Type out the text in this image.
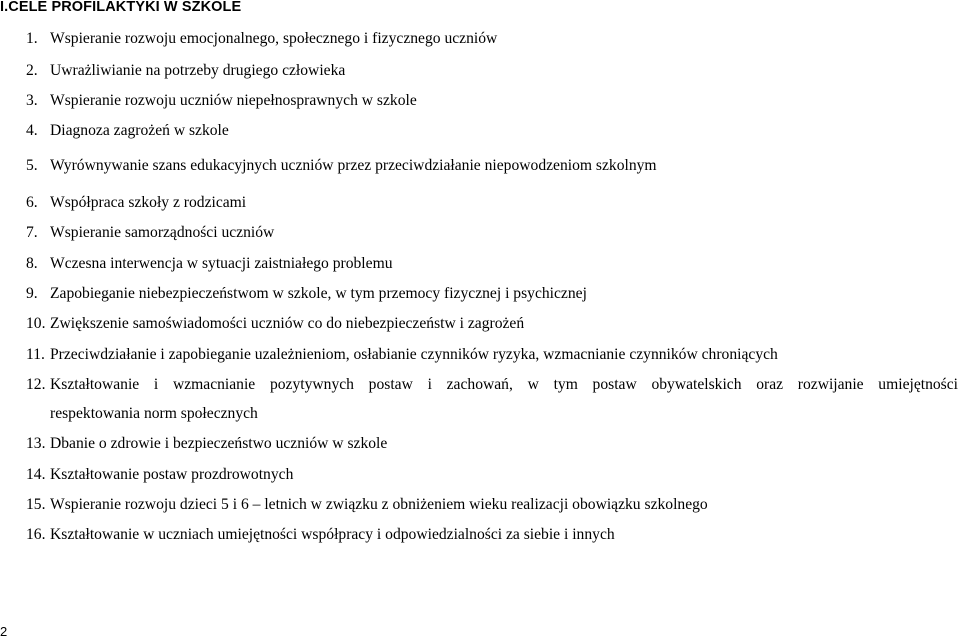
I.CELE PROFILAKTYKI W SZKOLE
1. Wspieranie rozwoju emocjonalnego, społecznego i fizycznego uczniów
2. Uwrażliwianie na potrzeby drugiego człowieka
3. Wspieranie rozwoju uczniów niepełnosprawnych w szkole
4. Diagnoza zagrożeń w szkole
5. Wyrównywanie szans edukacyjnych uczniów przez przeciwdziałanie niepowodzeniom szkolnym
6. Współpraca szkoły z rodzicami
7. Wspieranie samorządności uczniów
8. Wczesna interwencja w sytuacji zaistniałego problemu
9. Zapobieganie niebezpieczeństwom w szkole, w tym przemocy fizycznej i psychicznej
10. Zwiększenie samoświadomości uczniów co do niebezpieczeństw i zagrożeń
11. Przeciwdziałanie i zapobieganie uzależnieniom, osłabianie czynników ryzyka, wzmacnianie czynników chroniących
12. Kształtowanie i wzmacnianie pozytywnych postaw i zachowań, w tym postaw obywatelskich oraz rozwijanie umiejętności
respektowania norm społecznych
13. Dbanie o zdrowie i bezpieczeństwo uczniów w szkole
14. Kształtowanie postaw prozdrowotnych
15. Wspieranie rozwoju dzieci 5 i 6 – letnich w związku z obniżeniem wieku realizacji obowiązku szkolnego
16. Kształtowanie w uczniach umiejętności współpracy i odpowiedzialności za siebie i innych
2
